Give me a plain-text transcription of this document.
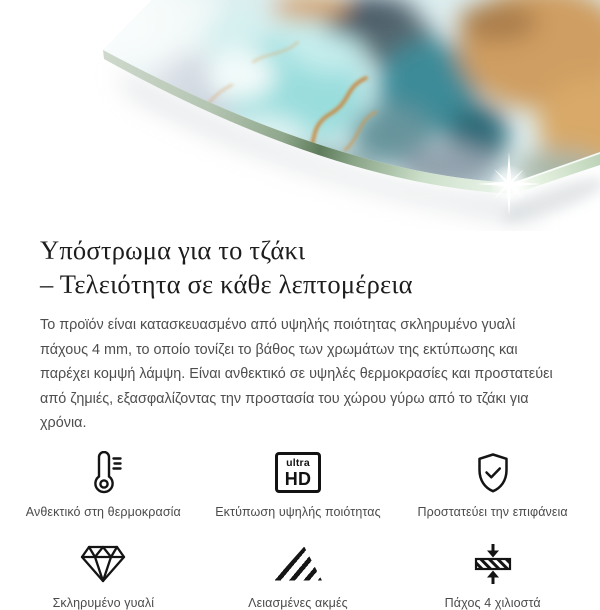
Υπόστρωμα για το τζάκι
– Τελειότητα σε κάθε λεπτομέρεια

Το προϊόν είναι κατασκευασμένο από υψηλής ποιότητας σκληρυμένο γυαλί πάχους 4 mm, το οποίο τονίζει το βάθος των χρωμάτων της εκτύπωσης και παρέχει κομψή λάμψη. Είναι ανθεκτικό σε υψηλές θερμοκρασίες και προστατεύει από ζημιές, εξασφαλίζοντας την προστασία του χώρου γύρω από το τζάκι για χρόνια.

Ανθεκτικό στη θερμοκρασία
ultra
HD
Εκτύπωση υψηλής ποιότητας	Προστατεύει την επιφάνεια
Σκληρυμένο γυαλί	Λειασμένες ακμές	Πάχος 4 χιλιοστά
